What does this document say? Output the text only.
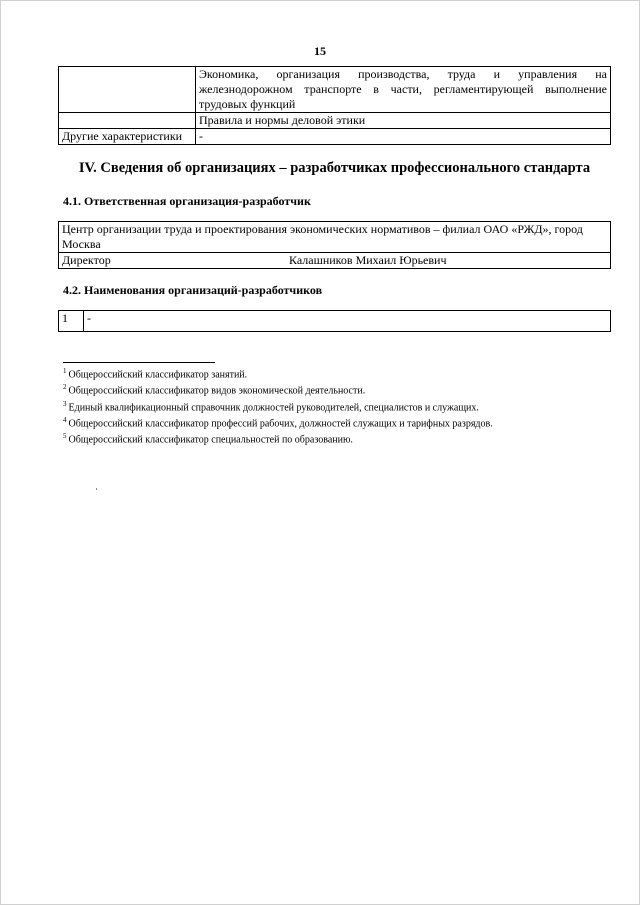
15
	Экономика, организация производства, труда и управления на железнодорожном транспорте в части, регламентирующей выполнение трудовых функций
	Правила и нормы деловой этики
Другие характеристики	-
IV. Сведения об организациях – разработчиках профессионального стандарта
4.1. Ответственная организация-разработчик
Центр организации труда и проектирования экономических нормативов – филиал ОАО «РЖД», город Москва
Директор	Калашников Михаил Юрьевич
4.2. Наименования организаций-разработчиков
1	-
$^1$ Общероссийский классификатор занятий.
$^2$ Общероссийский классификатор видов экономической деятельности.
$^3$ Единый квалификационный справочник должностей руководителей, специалистов и служащих.
$^4$ Общероссийский классификатор профессий рабочих, должностей служащих и тарифных разрядов.
$^5$ Общероссийский классификатор специальностей по образованию.
